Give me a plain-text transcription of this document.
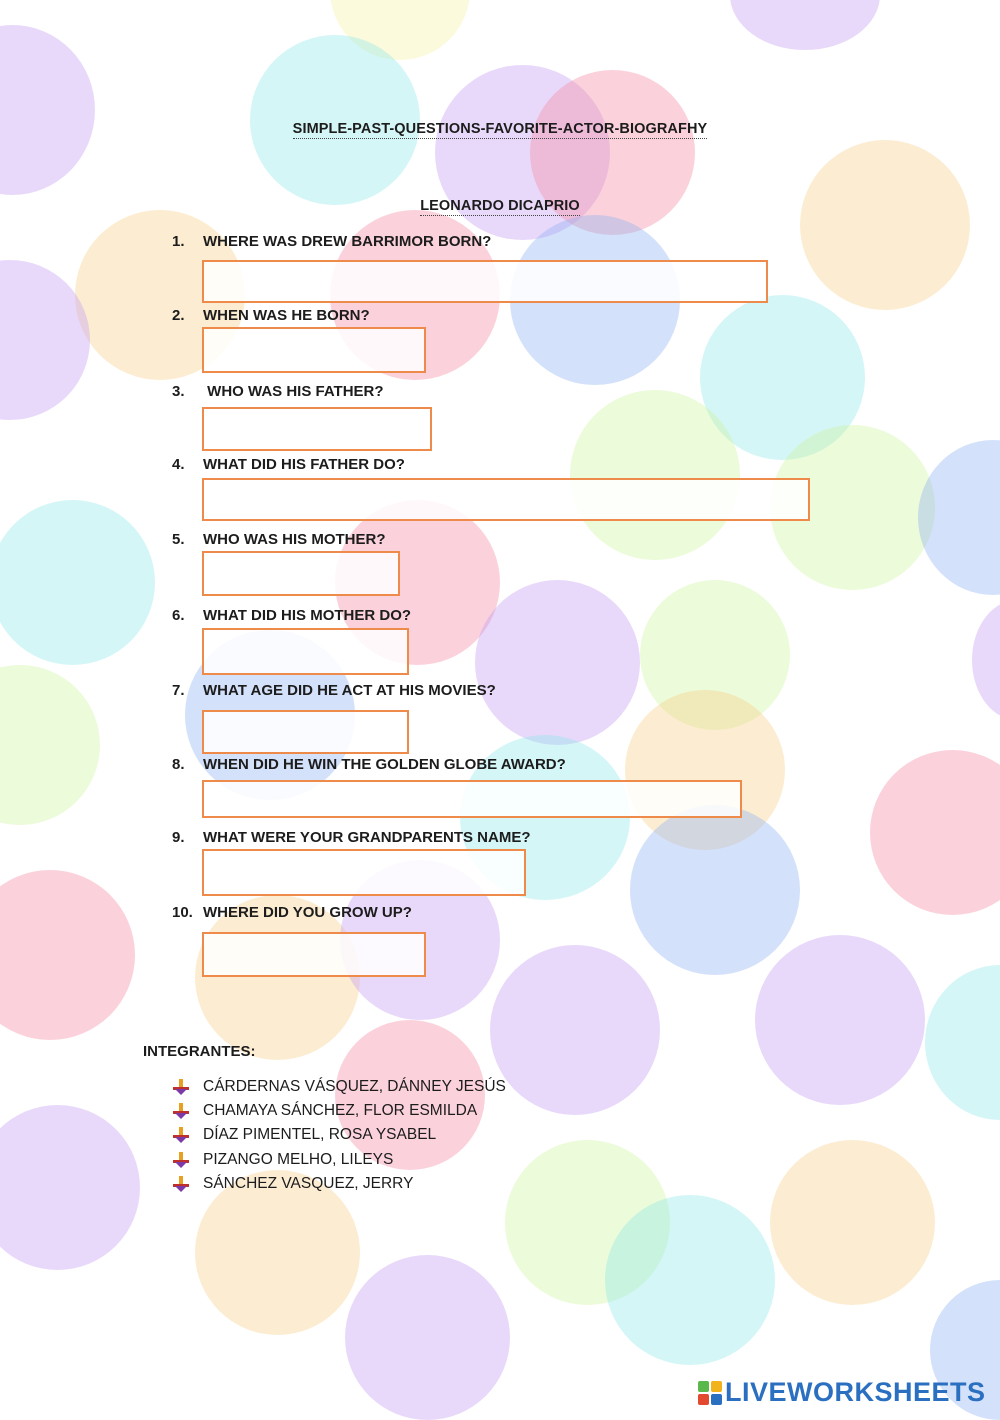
SIMPLE-PAST-QUESTIONS-FAVORITE-ACTOR-BIOGRAFHY
LEONARDO DICAPRIO
1.	WHERE WAS DREW BARRIMOR BORN?
2.	WHEN WAS HE BORN?
3.	WHO WAS HIS FATHER?
4.	WHAT DID HIS FATHER DO?
5.	WHO WAS HIS MOTHER?
6.	WHAT DID HIS MOTHER DO?
7.	WHAT AGE DID HE ACT AT HIS MOVIES?
8.	WHEN DID HE WIN THE GOLDEN GLOBE AWARD?
9.	WHAT WERE YOUR GRANDPARENTS NAME?
10. WHERE DID YOU GROW UP?
INTEGRANTES:
CÁRDERNAS VÁSQUEZ, DÁNNEY JESÚS
CHAMAYA SÁNCHEZ, FLOR ESMILDA
DÍAZ PIMENTEL, ROSA YSABEL
PIZANGO MELHO, LILEYS
SÁNCHEZ VASQUEZ, JERRY
LIVEWORKSHEETS
